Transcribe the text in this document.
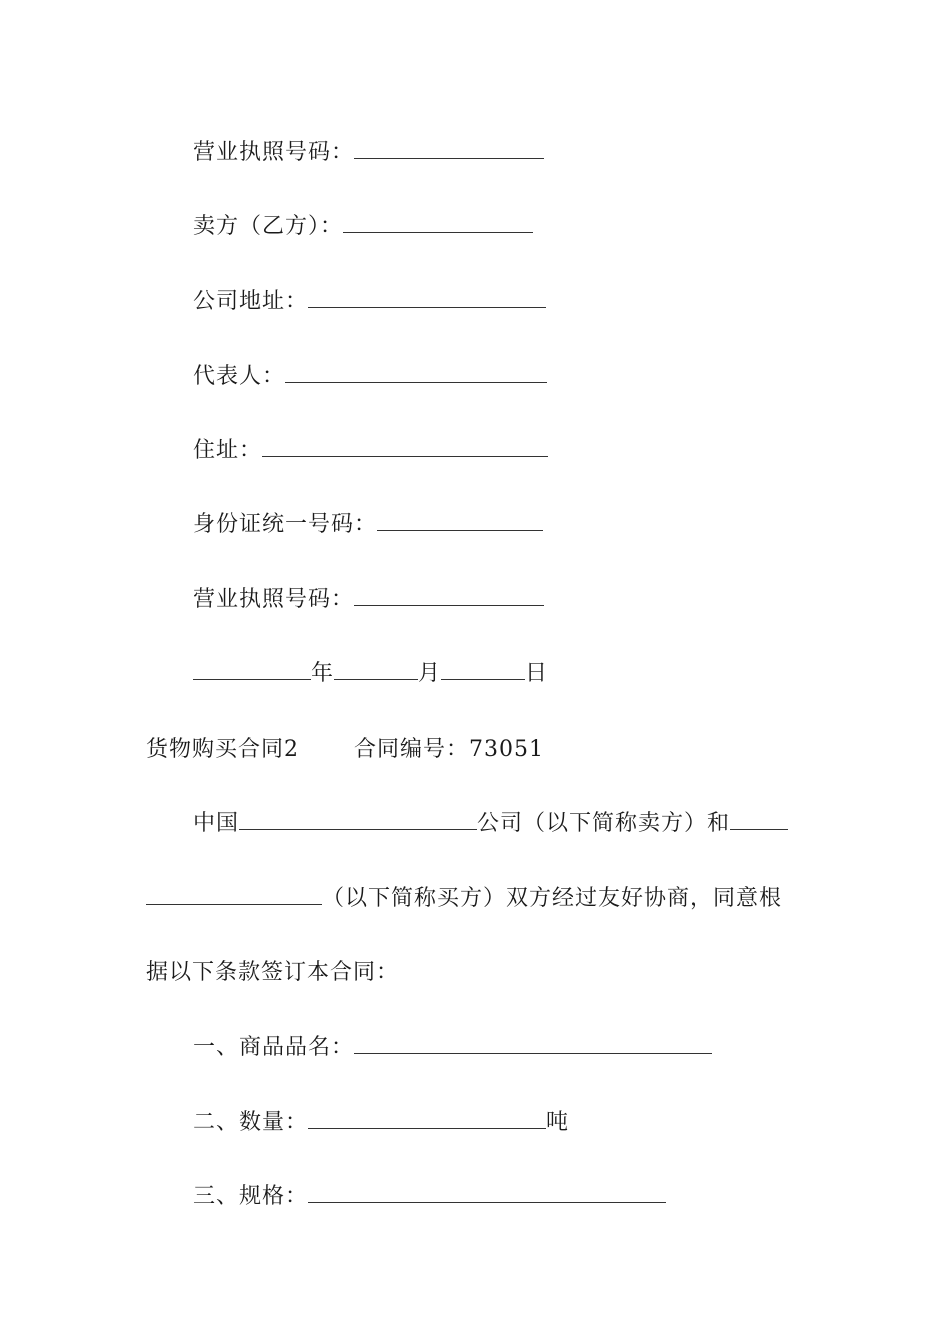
营业执照号码：
卖方（乙方）：
公司地址：
代表人：
住址：
身份证统一号码：
营业执照号码：
年	月	日
货物购买合同2	合同编号：73051
中国	公司（以下简称卖方）和
（以下简称买方）双方经过友好协商，同意根
据以下条款签订本合同：
一、商品品名：
二、数量：	吨
三、规格：
